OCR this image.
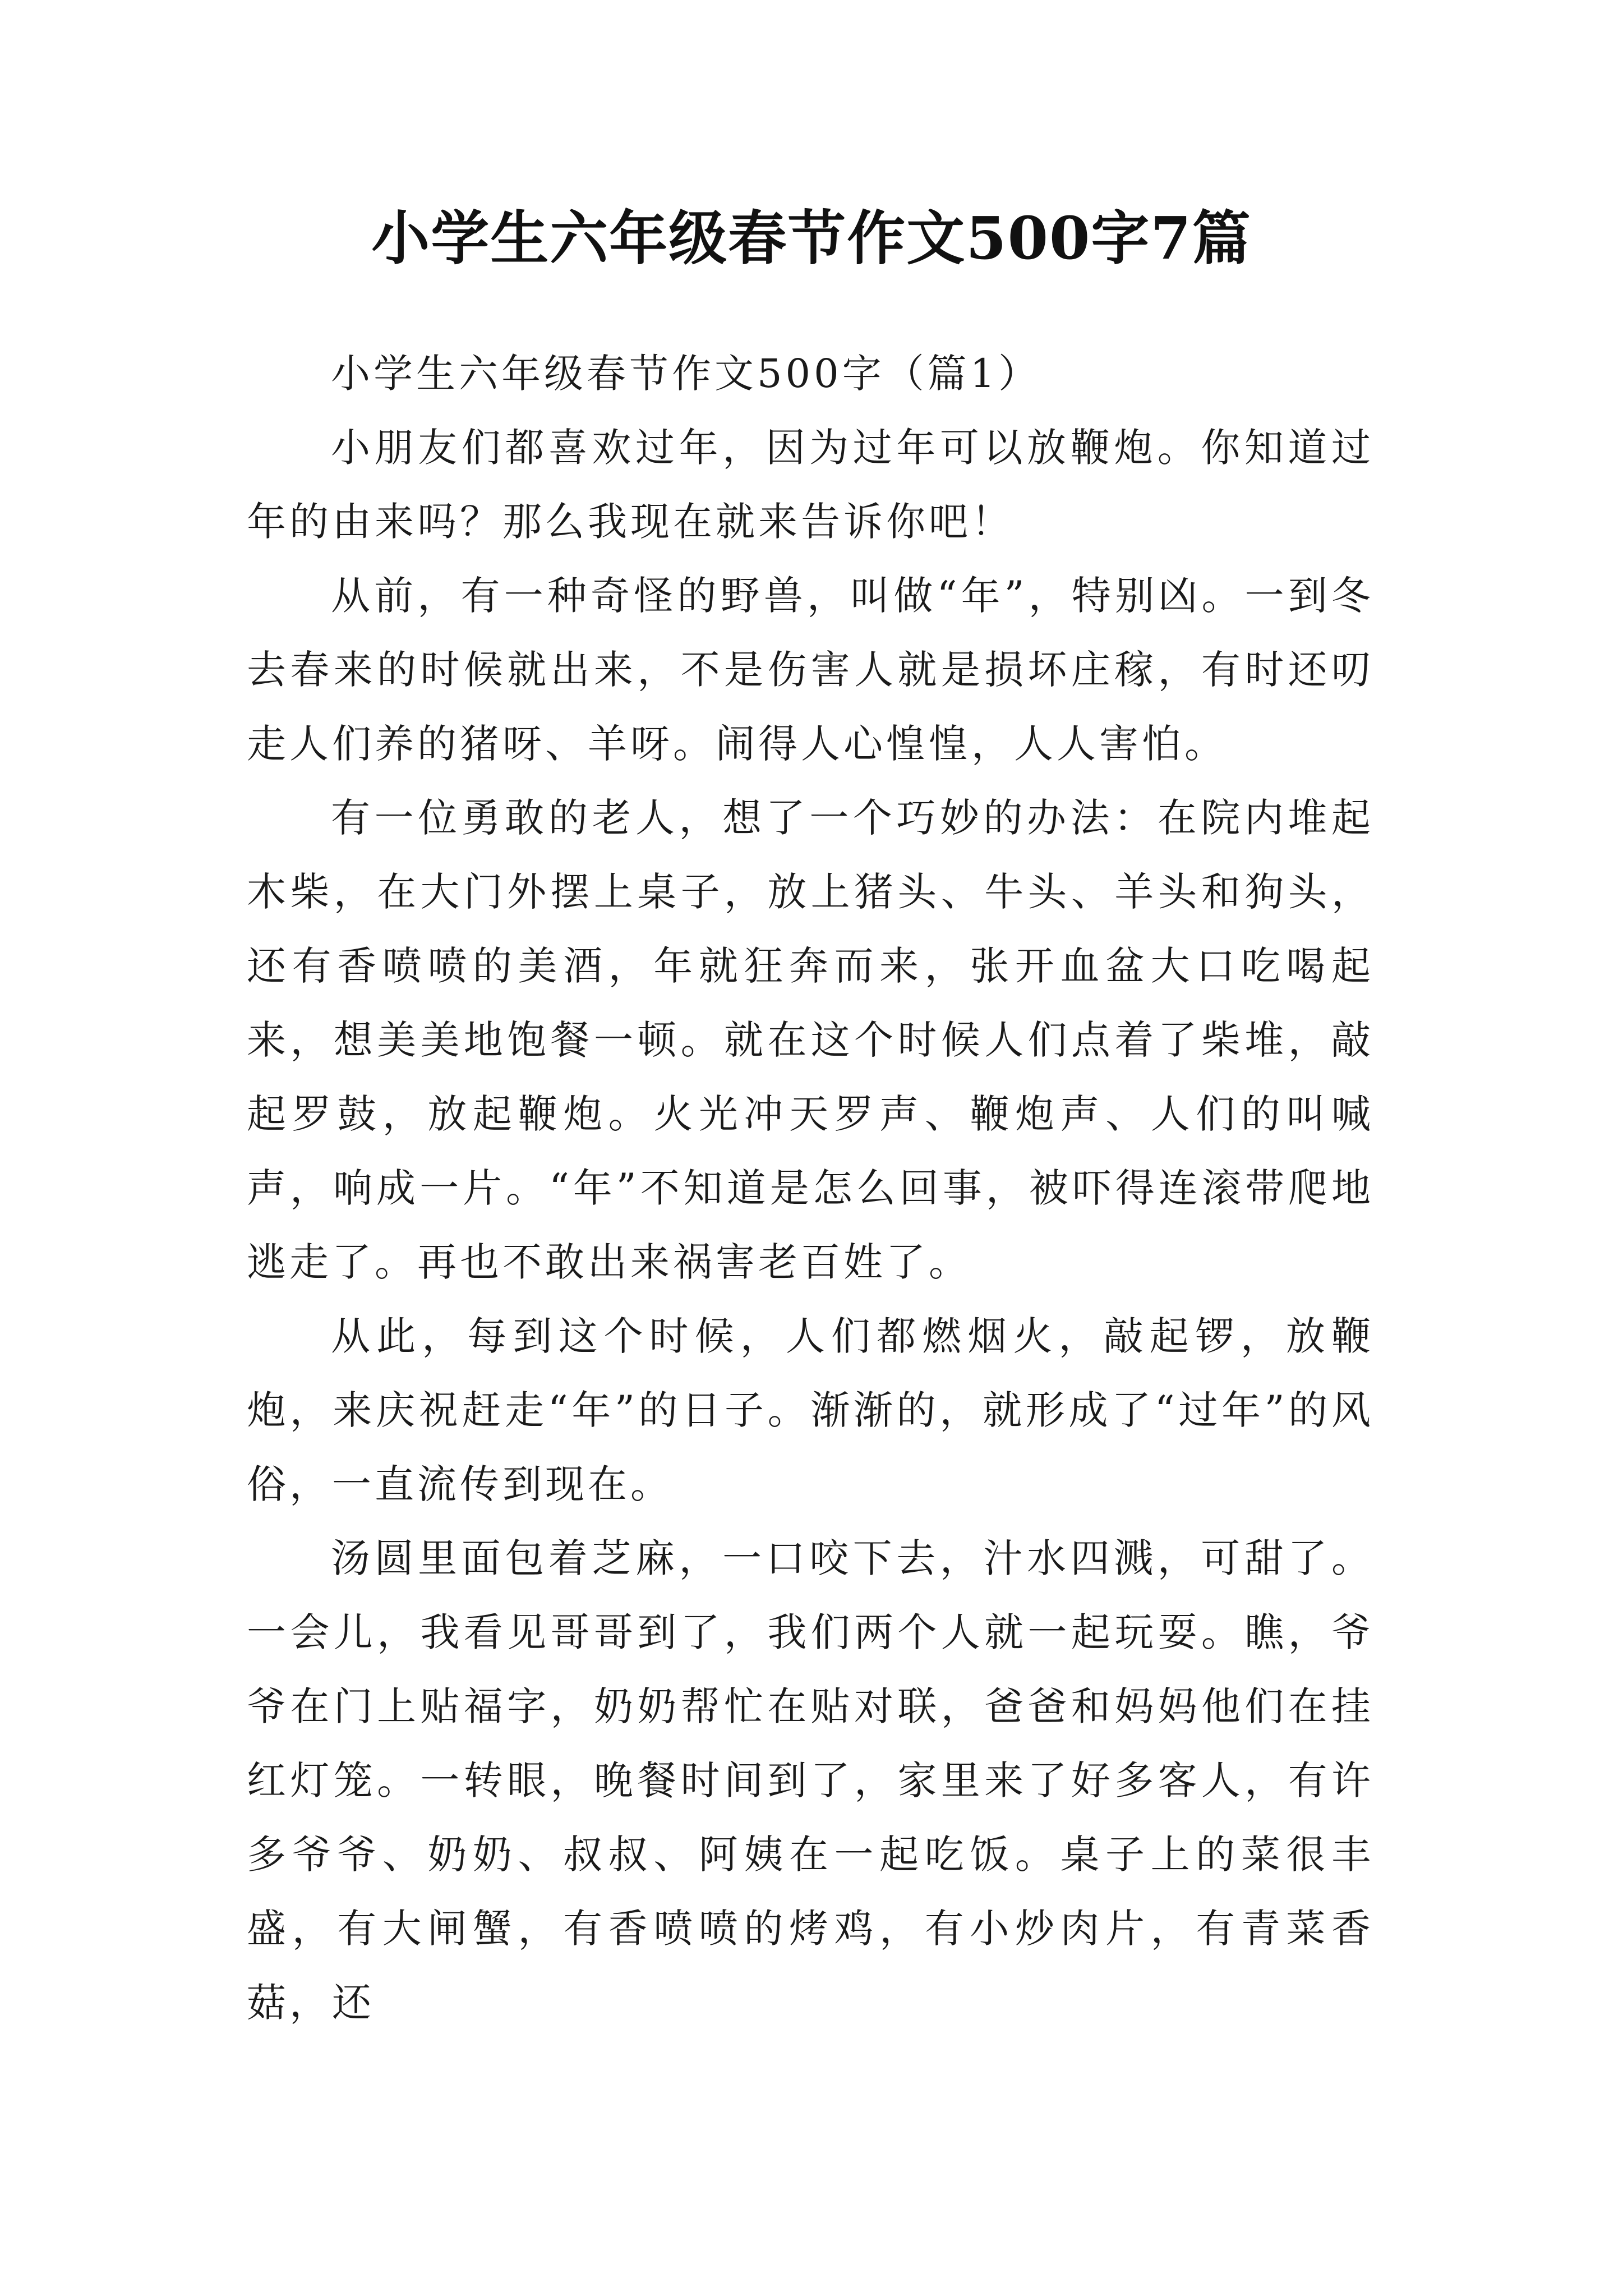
小学生六年级春节作文500字7篇

小学生六年级春节作文500字（篇1）

小朋友们都喜欢过年，因为过年可以放鞭炮。你知道过年的由来吗？那么我现在就来告诉你吧！

从前，有一种奇怪的野兽，叫做“年”，特别凶。一到冬去春来的时候就出来，不是伤害人就是损坏庄稼，有时还叨走人们养的猪呀、羊呀。闹得人心惶惶，人人害怕。

有一位勇敢的老人，想了一个巧妙的办法：在院内堆起木柴，在大门外摆上桌子，放上猪头、牛头、羊头和狗头，还有香喷喷的美酒，年就狂奔而来，张开血盆大口吃喝起来，想美美地饱餐一顿。就在这个时候人们点着了柴堆，敲起罗鼓，放起鞭炮。火光冲天罗声、鞭炮声、人们的叫喊声，响成一片。“年”不知道是怎么回事，被吓得连滚带爬地逃走了。再也不敢出来祸害老百姓了。

从此，每到这个时候，人们都燃烟火，敲起锣，放鞭炮，来庆祝赶走“年”的日子。渐渐的，就形成了“过年”的风俗，一直流传到现在。

汤圆里面包着芝麻，一口咬下去，汁水四溅，可甜了。一会儿，我看见哥哥到了，我们两个人就一起玩耍。瞧，爷爷在门上贴福字，奶奶帮忙在贴对联，爸爸和妈妈他们在挂红灯笼。一转眼，晚餐时间到了，家里来了好多客人，有许多爷爷、奶奶、叔叔、阿姨在一起吃饭。桌子上的菜很丰盛，有大闸蟹，有香喷喷的烤鸡，有小炒肉片，有青菜香菇，还
